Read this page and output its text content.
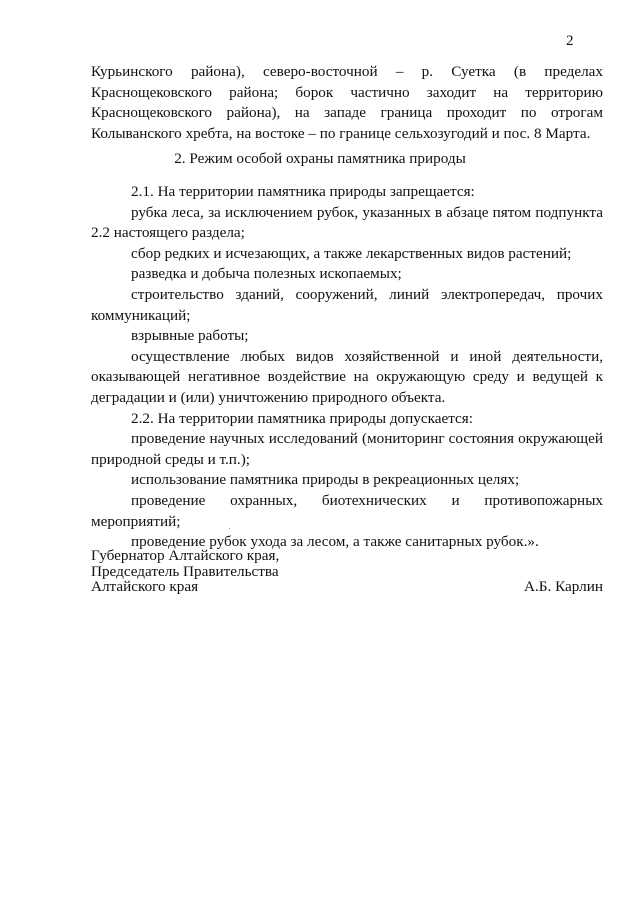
2
Курьинского района), северо-восточной – р. Суетка (в пределах
Краснощековского района; борок частично заходит на территорию
Краснощековского района), на западе граница проходит по отрогам
Колыванского хребта, на востоке – по границе сельхозугодий и пос. 8 Марта.
2. Режим особой охраны памятника природы
2.1. На территории памятника природы запрещается:
рубка леса, за исключением рубок, указанных в абзаце пятом подпункта
2.2 настоящего раздела;
сбор редких и исчезающих, а также лекарственных видов растений;
разведка и добыча полезных ископаемых;
строительство зданий, сооружений, линий электропередач, прочих
коммуникаций;
взрывные работы;
осуществление любых видов хозяйственной и иной деятельности,
оказывающей негативное воздействие на окружающую среду и ведущей к
деградации и (или) уничтожению природного объекта.
2.2. На территории памятника природы допускается:
проведение научных исследований (мониторинг состояния окружающей
природной среды и т.п.);
использование памятника природы в рекреационных целях;
проведение охранных, биотехнических и противопожарных
мероприятий;
проведение рубок ухода за лесом, а также санитарных рубок.».
Губернатор Алтайского края,
Председатель Правительства
Алтайского края	А.Б. Карлин
